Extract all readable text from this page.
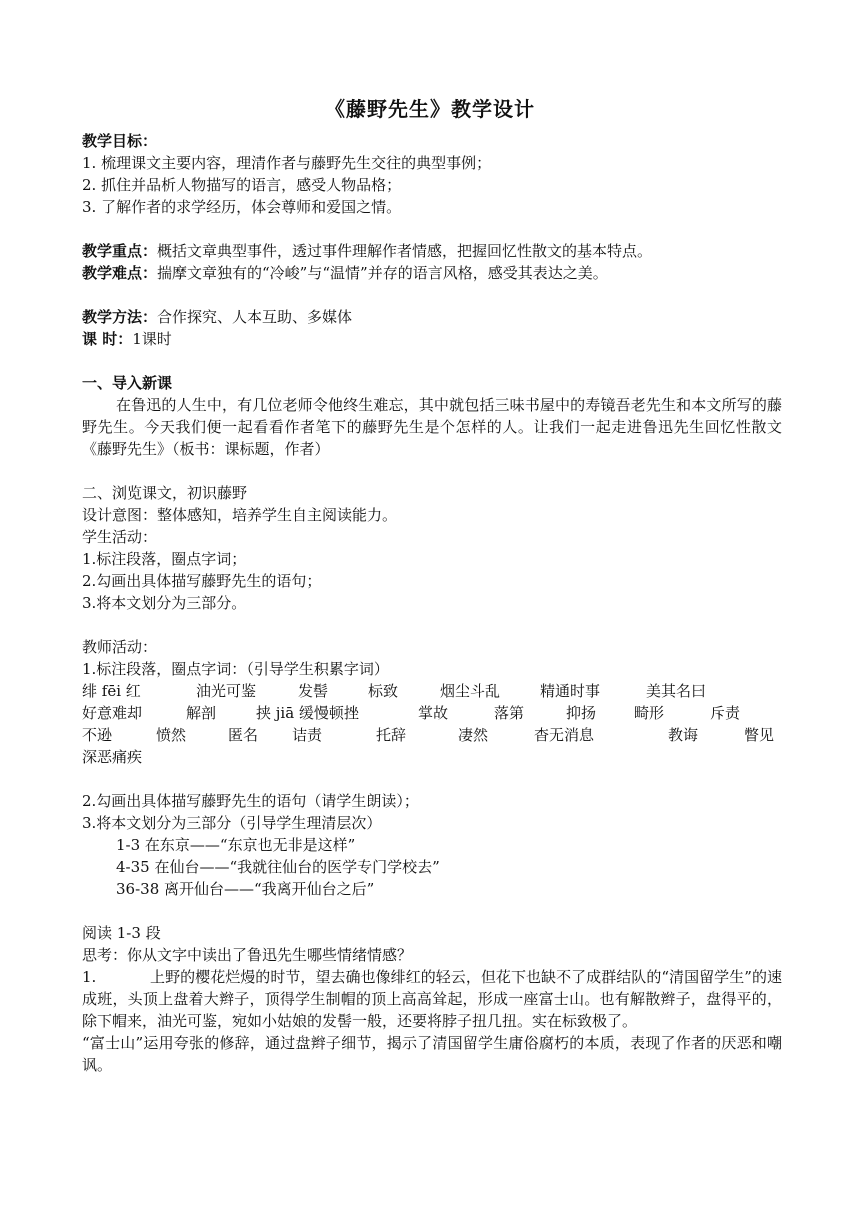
《藤野先生》教学设计
教学目标：
1. 梳理课文主要内容，理清作者与藤野先生交往的典型事例；
2. 抓住并品析人物描写的语言，感受人物品格；
3. 了解作者的求学经历，体会尊师和爱国之情。
教学重点：概括文章典型事件，透过事件理解作者情感，把握回忆性散文的基本特点。
教学难点：揣摩文章独有的“冷峻”与“温情”并存的语言风格，感受其表达之美。
教学方法：合作探究、人本互助、多媒体
课 时：1课时
一、导入新课
在鲁迅的人生中，有几位老师令他终生难忘，其中就包括三味书屋中的寿镜吾老先生和本文所写的藤野先生。今天我们便一起看看作者笔下的藤野先生是个怎样的人。让我们一起走进鲁迅先生回忆性散文《藤野先生》（板书：课标题，作者）
二、浏览课文，初识藤野
设计意图：整体感知，培养学生自主阅读能力。
学生活动：
1.标注段落，圈点字词；
2.勾画出具体描写藤野先生的语句；
3.将本文划分为三部分。
教师活动：
1.标注段落，圈点字词：（引导学生积累字词）
绯 fēi 红	油光可鉴	发髻	标致	烟尘斗乱	精通时事	美其名曰
好意难却	解剖	挟 jiā 缓慢顿挫	掌故	落第	抑扬	畸形	斥责
不逊	愤然	匿名 诘责	托辞	凄然	杳无消息	教诲	瞥见
深恶痛疾
2.勾画出具体描写藤野先生的语句（请学生朗读）；
3.将本文划分为三部分（引导学生理清层次）
1-3 在东京——“东京也无非是这样”
4-35 在仙台——“我就往仙台的医学专门学校去”
36-38 离开仙台——“我离开仙台之后”
阅读 1-3 段
思考：你从文字中读出了鲁迅先生哪些情绪情感？
1.	上野的樱花烂熳的时节，望去确也像绯红的轻云，但花下也缺不了成群结队的“清国留学生”的速成班，头顶上盘着大辫子，顶得学生制帽的顶上高高耸起，形成一座富士山。也有解散辫子，盘得平的，除下帽来，油光可鉴，宛如小姑娘的发髻一般，还要将脖子扭几扭。实在标致极了。
“富士山”运用夸张的修辞，通过盘辫子细节，揭示了清国留学生庸俗腐朽的本质，表现了作者的厌恶和嘲讽。
